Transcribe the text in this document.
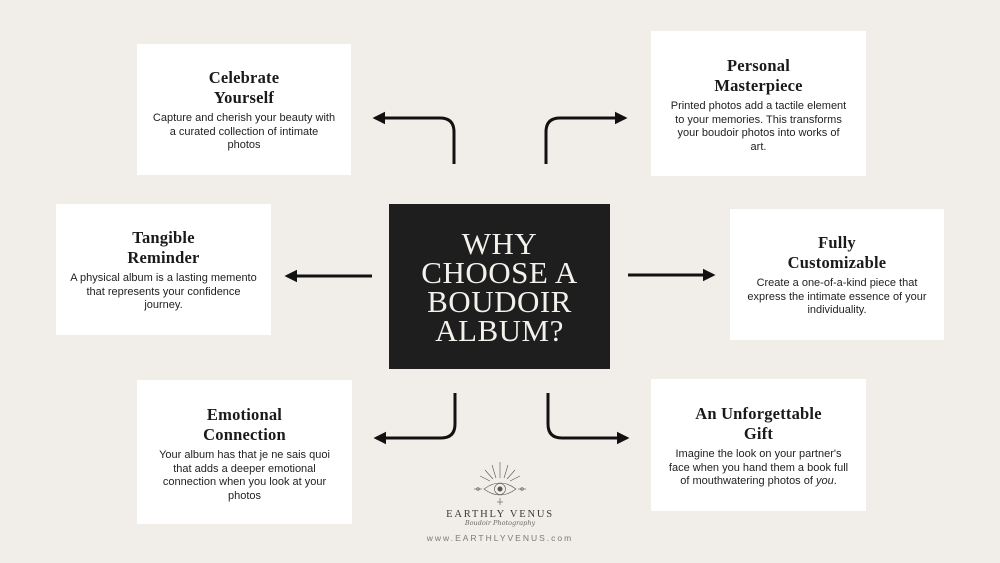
WHY
CHOOSE A
BOUDOIR
ALBUM?
Celebrate
Yourself
Capture and cherish your beauty with
a curated collection of intimate
photos
Personal
Masterpiece
Printed photos add a tactile element
to your memories. This transforms
your boudoir photos into works of
art.
Tangible
Reminder
A physical album is a lasting memento
that represents your confidence
journey.
Fully
Customizable
Create a one-of-a-kind piece that
express the intimate essence of your
individuality.
Emotional
Connection
Your album has that je ne sais quoi
that adds a deeper emotional
connection when you look at your
photos
An Unforgettable
Gift
Imagine the look on your partner's
face when you hand them a book full
of mouthwatering photos of you.
EARTHLY VENUS
Boudoir Photography
www.EARTHLYVENUS.com
